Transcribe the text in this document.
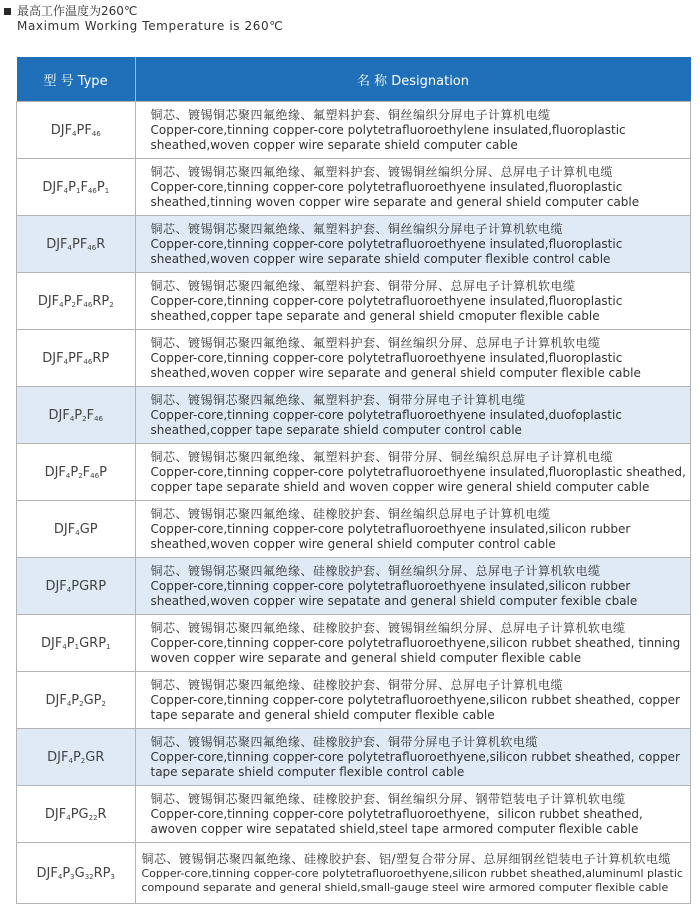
最高工作温度为260℃
Maximum Working Temperature is 260℃
型 号 Type	名 称 Designation
$DJF_4PF_{46}$	铜芯、镀锡铜芯聚四氟绝缘、氟塑料护套、铜丝编织分屏电子计算机电缆
Copper-core,tinning copper-core polytetrafluoroethylene insulated,fluoroplastic sheathed,woven copper wire separate shield computer cable

$DJF_4P_1F_{46}P_1$	铜芯、镀锡铜芯聚四氟绝缘、氟塑料护套、镀锡铜丝编织分屏、总屏电子计算机电缆
Copper-core,tinning copper-core polytetrafluoroethyene insulated,fluoroplastic sheathed,tinning woven copper wire separate and general shield computer cable

$DJF_4PF_{46}R$	铜芯、镀锡铜芯聚四氟绝缘、氟塑料护套、铜丝编织分屏电子计算机软电缆
Copper-core,tinning copper-core polytetrafluoroethyene insulated,fluoroplastic sheathed,woven copper wire separate shield computer flexible control cable

$DJF_4P_2F_{46}RP_2$	铜芯、镀锡铜芯聚四氟绝缘、氟塑料护套、铜带分屏、总屏电子计算机软电缆
Copper-core,tinning copper-core polytetrafluoroethyene insulated,fluoroplastic sheathed,copper tape separate and general shield cmoputer flexible cable

$DJF_4PF_{46}RP$	铜芯、镀锡铜芯聚四氟绝缘、氟塑料护套、铜丝编织分屏、总屏电子计算机软电缆
Copper-core,tinning copper-core polytetrafluoroethyene insulated,fluoroplastic sheathed,woven copper wire separate and general shield computer flexible cable

$DJF_4P_2F_{46}$	铜芯、镀锡铜芯聚四氟绝缘、氟塑料护套、铜带分屏电子计算机电缆
Copper-core,tinning copper-core polytetrafluoroethyene insulated,duofoplastic sheathed,copper tape separate shield computer control cable

$DJF_4P_2F_{46}P$	铜芯、镀锡铜芯聚四氟绝缘、氟塑料护套、铜带分屏、铜丝编织总屏电子计算机电缆
Copper-core,tinning copper-core polytetrafluoroethyene insulated,fluoroplastic sheathed, copper tape separate shield and woven copper wire general shield computer cable

$DJF_4GP$	铜芯、镀锡铜芯聚四氟绝缘、硅橡胶护套、铜丝编织总屏电子计算机电缆
Copper-core,tinning copper-core polytetrafluoroethyene insulated,silicon rubber sheathed,woven copper wire general shield computer control cable

$DJF_4PGRP$	铜芯、镀锡铜芯聚四氟绝缘、硅橡胶护套、铜丝编织分屏、总屏电子计算机软电缆
Copper-core,tinning copper-core polytetrafluoroethyene insulated,silicon rubber sheathed,woven copper wire sepatate and general shield computer fexible cbale

$DJF_4P_1GRP_1$	铜芯、镀锡铜芯聚四氟绝缘、硅橡胶护套、镀锡铜丝编织分屏、总屏电子计算机软电缆
Copper-core,tinning copper-core polytetrafluoroethyene,silicon rubbet sheathed, tinning woven copper wire separate and general shield computer flexible cable

$DJF_4P_2GP_2$	铜芯、镀锡铜芯聚四氟绝缘、硅橡胶护套、铜带分屏、总屏电子计算机电缆
Copper-core,tinning copper-core polytetrafluoroethyene,silicon rubbet sheathed, copper tape separate and general shield computer flexible cable

$DJF_4P_2GR$	铜芯、镀锡铜芯聚四氟绝缘、硅橡胶护套、铜带分屏电子计算机软电缆
Copper-core,tinning copper-core polytetrafluoroethyene,silicon rubbet sheathed, copper tape separate shield computer flexible control cable

$DJF_4PG_{22}R$	铜芯、镀锡铜芯聚四氟绝缘、硅橡胶护套、铜丝编织分屏、钢带铠装电子计算机软电缆
Copper-core,tinning copper-core polytetrafluoroethyene，silicon rubbet sheathed, awoven copper wire sepatated shield,steel tape armored computer flexible cable

$DJF_4P_3G_{32}RP_3$	铜芯、镀锡铜芯聚四氟绝缘、硅橡胶护套、铝/塑复合带分屏、总屏细钢丝铠装电子计算机软电缆
Copper-core,tinning copper-core polytetrafluoroethyene,silicon rubbet sheathed,aluminuml plastic compound separate and general shield,small-gauge steel wire armored computer flexible cable
